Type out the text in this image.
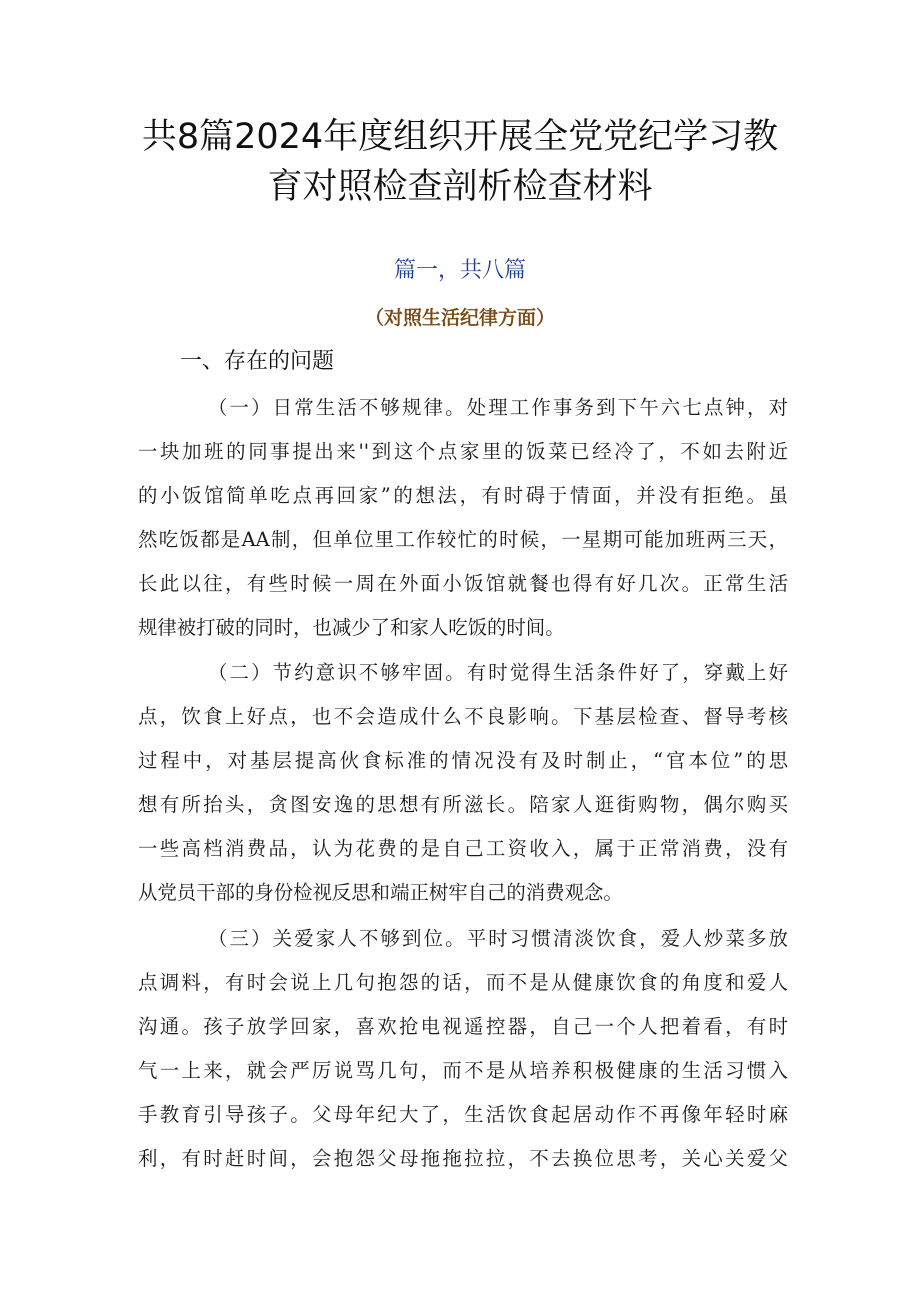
共8篇2024年度组织开展全党党纪学习教
育对照检查剖析检查材料
篇一，共八篇
（对照生活纪律方面）
一、存在的问题
（一）日常生活不够规律。处理工作事务到下午六七点钟，对
一块加班的同事提出来''到这个点家里的饭菜已经冷了，不如去附近
的小饭馆简单吃点再回家”的想法，有时碍于情面，并没有拒绝。虽
然吃饭都是AA制，但单位里工作较忙的时候，一星期可能加班两三天，
长此以往，有些时候一周在外面小饭馆就餐也得有好几次。正常生活
规律被打破的同时，也减少了和家人吃饭的时间。
（二）节约意识不够牢固。有时觉得生活条件好了，穿戴上好
点，饮食上好点，也不会造成什么不良影响。下基层检查、督导考核
过程中，对基层提高伙食标准的情况没有及时制止，“官本位”的思
想有所抬头，贪图安逸的思想有所滋长。陪家人逛街购物，偶尔购买
一些高档消费品，认为花费的是自己工资收入，属于正常消费，没有
从党员干部的身份检视反思和端正树牢自己的消费观念。
（三）关爱家人不够到位。平时习惯清淡饮食，爱人炒菜多放
点调料，有时会说上几句抱怨的话，而不是从健康饮食的角度和爱人
沟通。孩子放学回家，喜欢抢电视遥控器，自己一个人把着看，有时
气一上来，就会严厉说骂几句，而不是从培养积极健康的生活习惯入
手教育引导孩子。父母年纪大了，生活饮食起居动作不再像年轻时麻
利，有时赶时间，会抱怨父母拖拖拉拉，不去换位思考，关心关爱父
